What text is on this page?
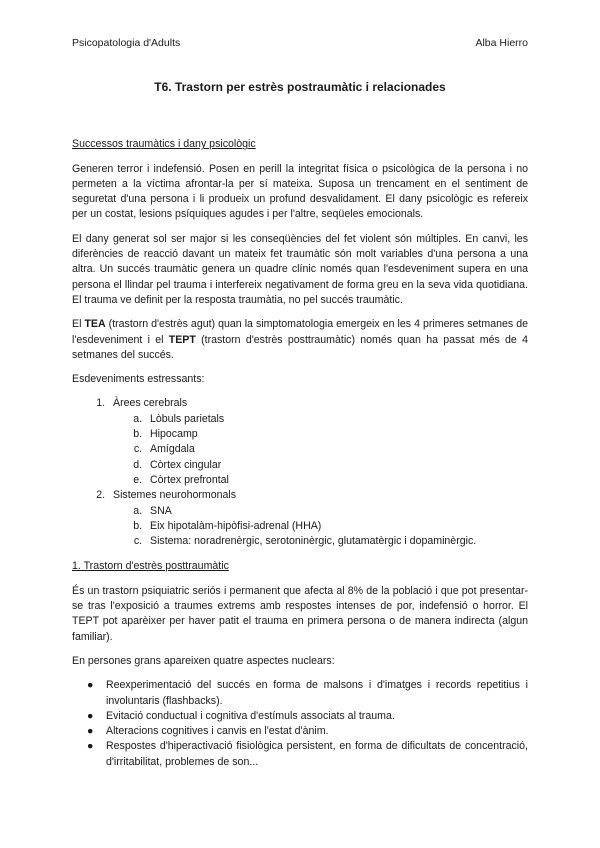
Psicopatologia d'Adults	Alba Hierro
T6. Trastorn per estrès postraumàtic i relacionades
Successos traumàtics i dany psicològic

Generen terror i indefensió. Posen en perill la integritat física o psicològica de la persona i no permeten a la víctima afrontar-la per sí mateixa. Suposa un trencament en el sentiment de seguretat d'una persona i li produeix un profund desvalidament. El dany psicològic es refereix per un costat, lesions psíquiques agudes i per l'altre, seqüeles emocionals.

El dany generat sol ser major si les conseqüències del fet violent són múltiples. En canvi, les diferències de reacció davant un mateix fet traumàtic són molt variables d'una persona a una altra. Un succés traumàtic genera un quadre clínic només quan l'esdeveniment supera en una persona el llindar pel trauma i interfereix negativament de forma greu en la seva vida quotidiana. El trauma ve definit per la resposta traumàtia, no pel succés traumàtic.

El TEA (trastorn d'estrès agut) quan la simptomatologia emergeix en les 4 primeres setmanes de l'esdeveniment i el TEPT (trastorn d'estrès posttraumàtic) només quan ha passat més de 4 setmanes del succés.

Esdeveniments estressants:

1. Àrees cerebrals
a. Lòbuls parietals
b. Hipocamp
c. Amígdala
d. Còrtex cingular
e. Còrtex prefrontal
2. Sistemes neurohormonals
a. SNA
b. Eix hipotalàm-hipòfisi-adrenal (HHA)
c. Sistema: noradrenèrgic, serotoninèrgic, glutamatèrgic i dopaminèrgic.
1. Trastorn d'estrès posttraumàtic

És un trastorn psiquiatric seriós i permanent que afecta al 8% de la població i que pot presentar-se tras l'exposició a traumes extrems amb respostes intenses de por, indefensió o horror. El TEPT pot aparèixer per haver patit el trauma en primera persona o de manera indirecta (algun familiar).

En persones grans apareixen quatre aspectes nuclears:

● Reexperimentació del succés en forma de malsons i d'imatges i records repetitius i involuntaris (flashbacks).
● Evitació conductual i cognitiva d'estímuls associats al trauma.
● Alteracions cognitives i canvis en l'estat d'ànim.
● Respostes d'hiperactivació fisiològica persistent, en forma de dificultats de concentració, d'irritabilitat, problemes de son...
